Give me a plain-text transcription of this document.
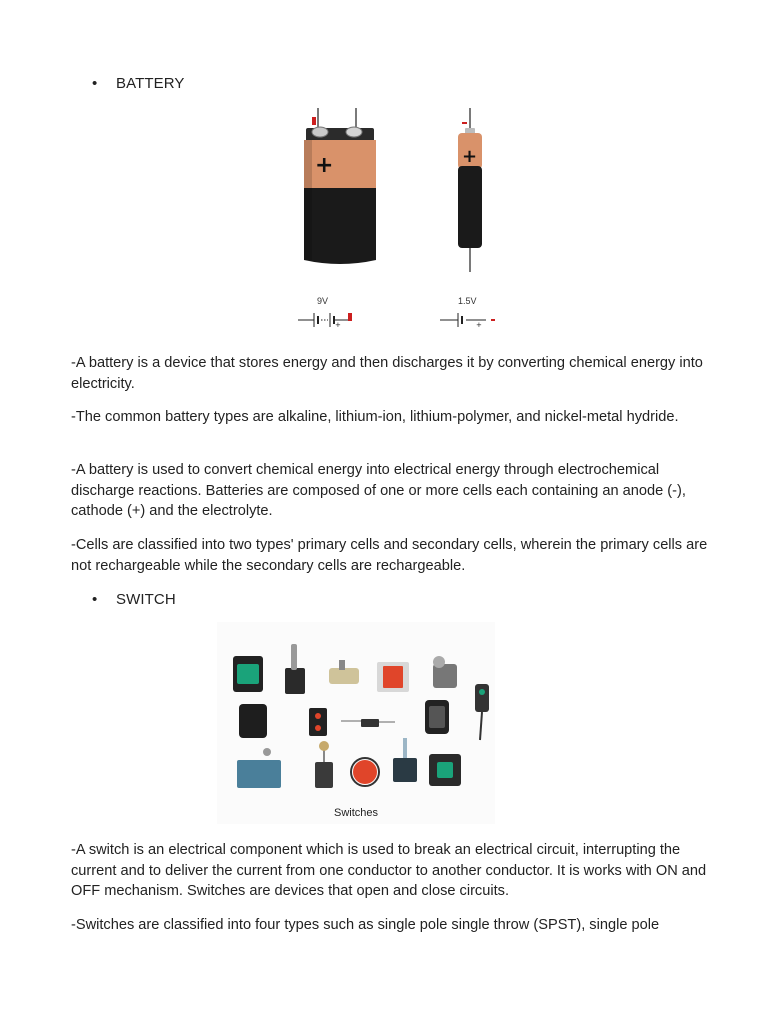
• BATTERY
+	+
+	+
9V	1.5V

-A battery is a device that stores energy and then discharges it by converting chemical energy into electricity.

-The common battery types are alkaline, lithium-ion, lithium-polymer, and nickel-metal hydride.

-A battery is used to convert chemical energy into electrical energy through electrochemical discharge reactions. Batteries are composed of one or more cells each containing an anode (-), cathode (+) and the electrolyte.

-Cells are classified into two types' primary cells and secondary cells, wherein the primary cells are not rechargeable while the secondary cells are rechargeable.

• SWITCH
Switches

-A switch is an electrical component which is used to break an electrical circuit, interrupting the current and to deliver the current from one conductor to another conductor. It is works with ON and OFF mechanism. Switches are devices that open and close circuits.

-Switches are classified into four types such as single pole single throw (SPST), single pole
